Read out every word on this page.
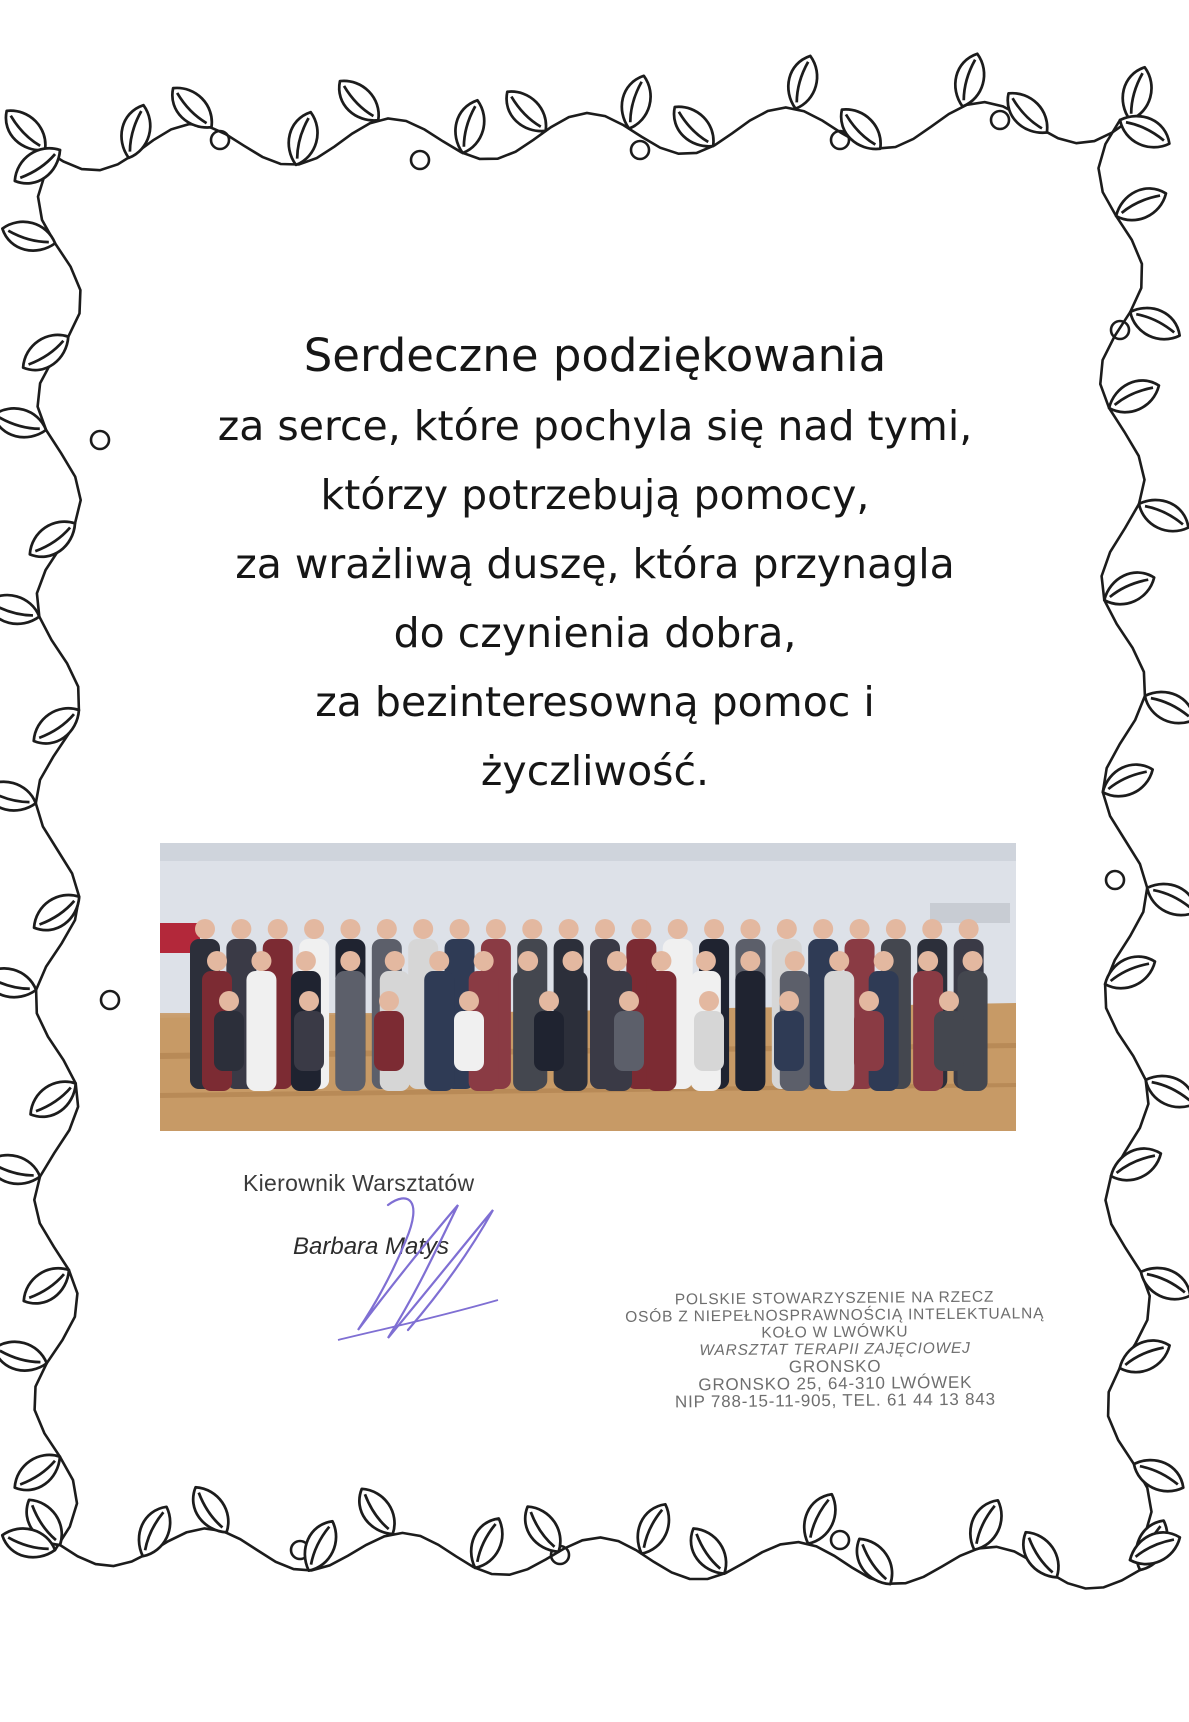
Serdeczne podziękowania
za serce, które pochyla się nad tymi,
którzy potrzebują pomocy,
za wrażliwą duszę, która przynagla
do czynienia dobra,
za bezinteresowną pomoc i
życzliwość.
Kierownik Warsztatów
Barbara Matys
POLSKIE STOWARZYSZENIE NA RZECZ
OSÓB Z NIEPEŁNOSPRAWNOŚCIĄ INTELEKTUALNĄ
KOŁO W LWÓWKU
WARSZTAT TERAPII ZAJĘCIOWEJ
GRONSKO
GRONSKO 25, 64-310 LWÓWEK
NIP 788-15-11-905, TEL. 61 44 13 843
